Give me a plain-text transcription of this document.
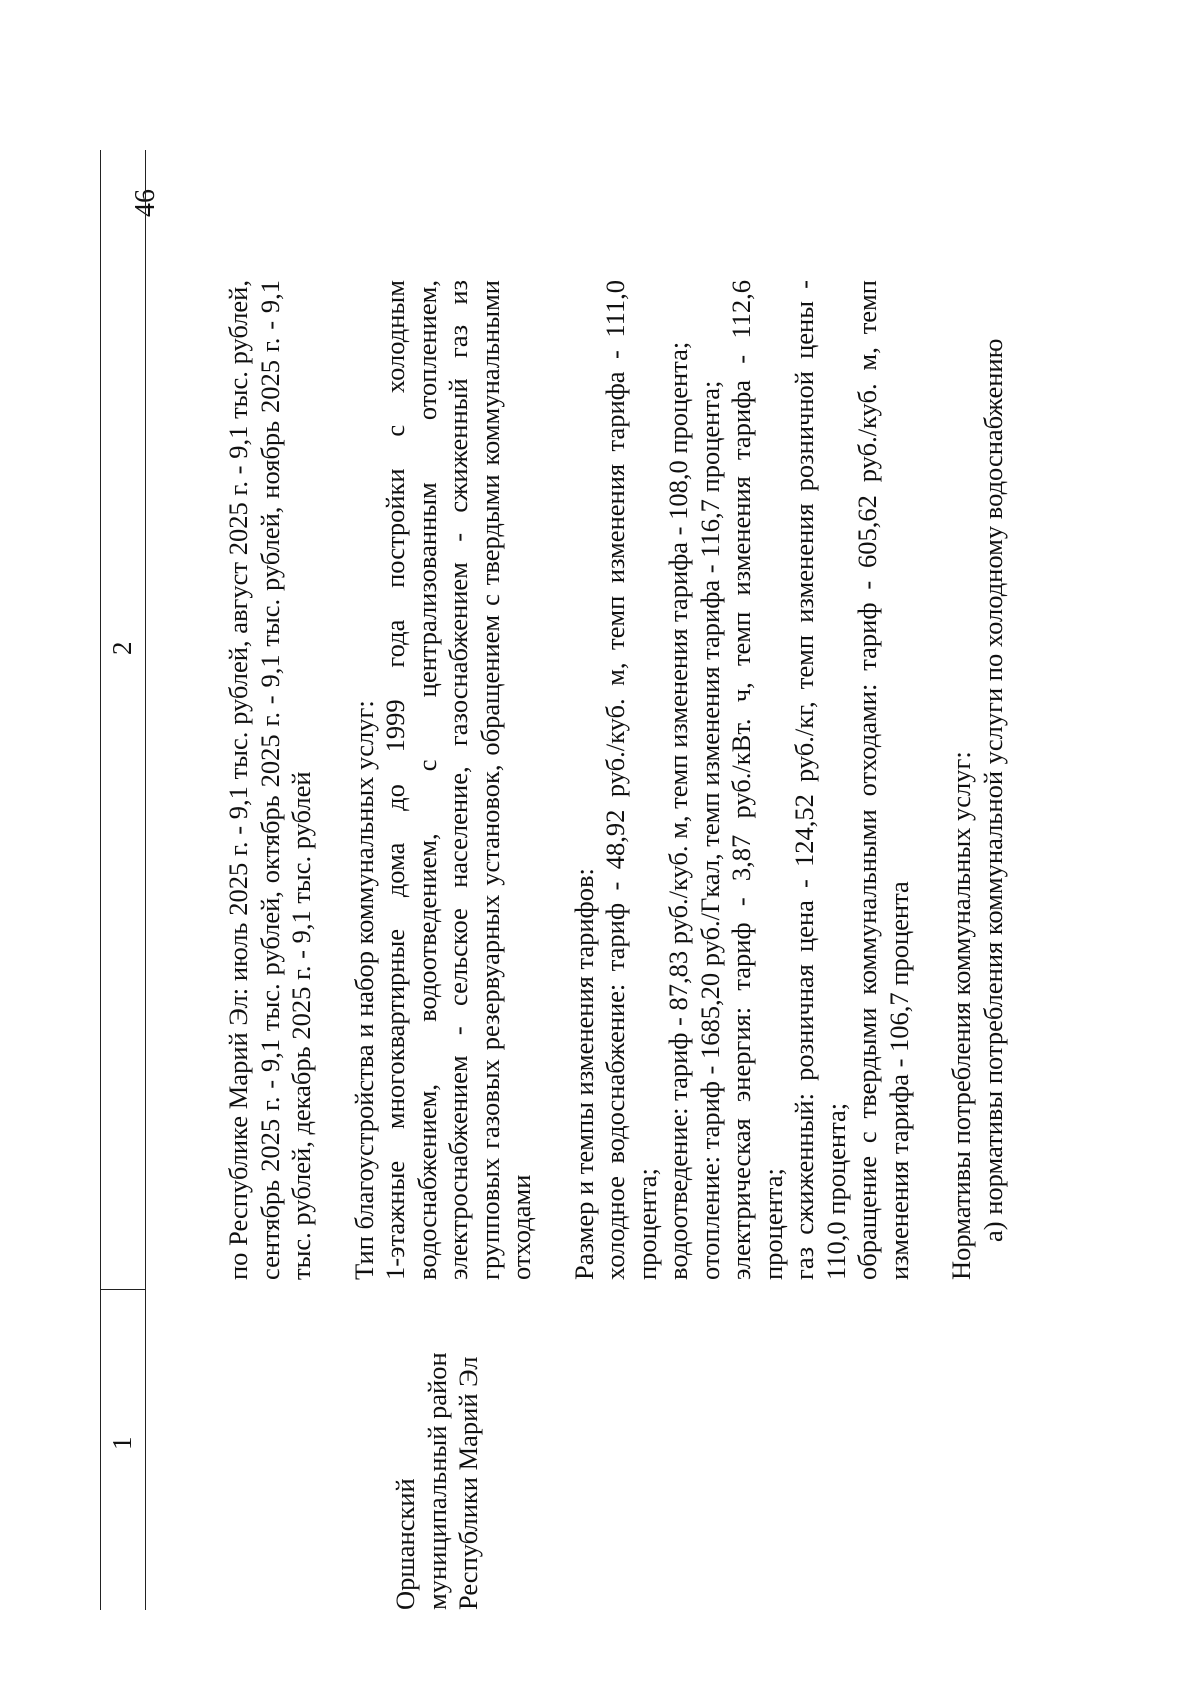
46
1
2
Оршанский муниципальный район Республики Марий Эл

по Республике Марий Эл: июль 2025 г. - 9,1 тыс. рублей, август 2025 г. - 9,1 тыс. рублей, сентябрь 2025 г. - 9,1 тыс. рублей, октябрь 2025 г. - 9,1 тыс. рублей, ноябрь 2025 г. - 9,1 тыс. рублей, декабрь 2025 г. - 9,1 тыс. рублей Тип благоустройства и набор коммунальных услуг: 1-этажные многоквартирные дома до 1999 года постройки с холодным водоснабжением, водоотведением, с централизованным отоплением, электроснабжением - сельское население, газоснабжением - сжиженный газ из групповых газовых резервуарных установок, обращением с твердыми коммунальными отходами Размер и темпы изменения тарифов: холодное водоснабжение: тариф - 48,92 руб./куб. м, темп изменения тарифа - 111,0 процента; водоотведение: тариф - 87,83 руб./куб. м, темп изменения тарифа - 108,0 процента; отопление: тариф - 1685,20 руб./Гкал, темп изменения тарифа - 116,7 процента; электрическая энергия: тариф - 3,87 руб./кВт. ч, темп изменения тарифа - 112,6 процента; газ сжиженный: розничная цена - 124,52 руб./кг, темп изменения розничной цены - 110,0 процента; обращение с твердыми коммунальными отходами: тариф - 605,62 руб./куб. м, темп изменения тарифа - 106,7 процента Нормативы потребления коммунальных услуг: а) нормативы потребления коммунальной услуги по холодному водоснабжению
